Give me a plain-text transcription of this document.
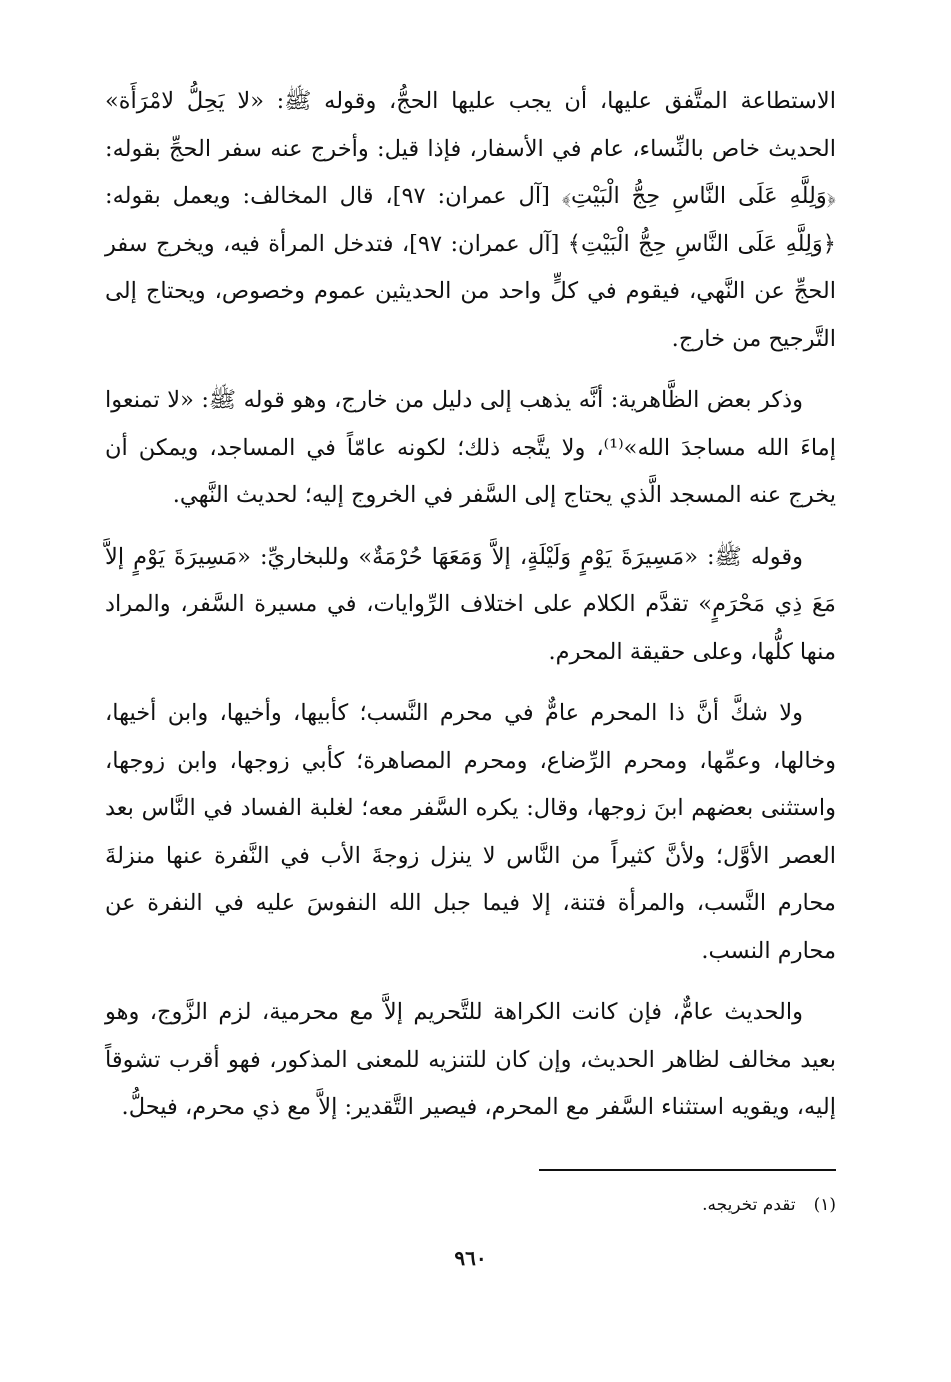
الاستطاعة المتَّفق عليها، أن يجب عليها الحجُّ، وقوله ﷺ: «لا يَحِلُّ لامْرَأَة» الحديث خاص بالنِّساء، عام في الأسفار، فإذا قيل: وأخرج عنه سفر الحجِّ بقوله: ﴿وَلِلَّهِ عَلَى النَّاسِ حِجُّ الْبَيْتِ﴾ [آل عمران: ٩٧]، قال المخالف: ويعمل بقوله: ﴿وَلِلَّهِ عَلَى النَّاسِ حِجُّ الْبَيْتِ﴾ [آل عمران: ٩٧]، فتدخل المرأة فيه، ويخرج سفر الحجِّ عن النَّهي، فيقوم في كلٍّ واحد من الحديثين عموم وخصوص، ويحتاج إلى التَّرجيح من خارج.

وذكر بعض الظَّاهرية: أنَّه يذهب إلى دليل من خارج، وهو قوله ﷺ: «لا تمنعوا إماءَ الله مساجدَ الله»⁽¹⁾، ولا يتَّجه ذلك؛ لكونه عامّاً في المساجد، ويمكن أن يخرج عنه المسجد الَّذي يحتاج إلى السَّفر في الخروج إليه؛ لحديث النَّهي.

وقوله ﷺ: «مَسِيرَةَ يَوْمٍ وَلَيْلَةٍ، إلاَّ وَمَعَهَا حُرْمَةٌ» وللبخاريِّ: «مَسِيرَةَ يَوْمٍ إلاَّ مَعَ ذِي مَحْرَمٍ» تقدَّم الكلام على اختلاف الرِّوايات، في مسيرة السَّفر، والمراد منها كلُّها، وعلى حقيقة المحرم.

ولا شكَّ أنَّ ذا المحرم عامٌّ في محرم النَّسب؛ كأبيها، وأخيها، وابن أخيها، وخالها، وعمِّها، ومحرم الرِّضاع، ومحرم المصاهرة؛ كأبي زوجها، وابن زوجها، واستثنى بعضهم ابنَ زوجها، وقال: يكره السَّفر معه؛ لغلبة الفساد في النَّاس بعد العصر الأوَّل؛ ولأنَّ كثيراً من النَّاس لا ينزل زوجةَ الأب في النَّفرة عنها منزلةَ محارم النَّسب، والمرأة فتنة، إلا فيما جبل الله النفوسَ عليه في النفرة عن محارم النسب.

والحديث عامٌّ، فإن كانت الكراهة للتَّحريم إلاَّ مع محرمية، لزم الزَّوج، وهو بعيد مخالف لظاهر الحديث، وإن كان للتنزيه للمعنى المذكور، فهو أقرب تشوقاً إليه، ويقويه استثناء السَّفر مع المحرم، فيصير التَّقدير: إلاَّ مع ذي محرم، فيحلُّ.

(١)تقدم تخريجه.
٩٦٠
